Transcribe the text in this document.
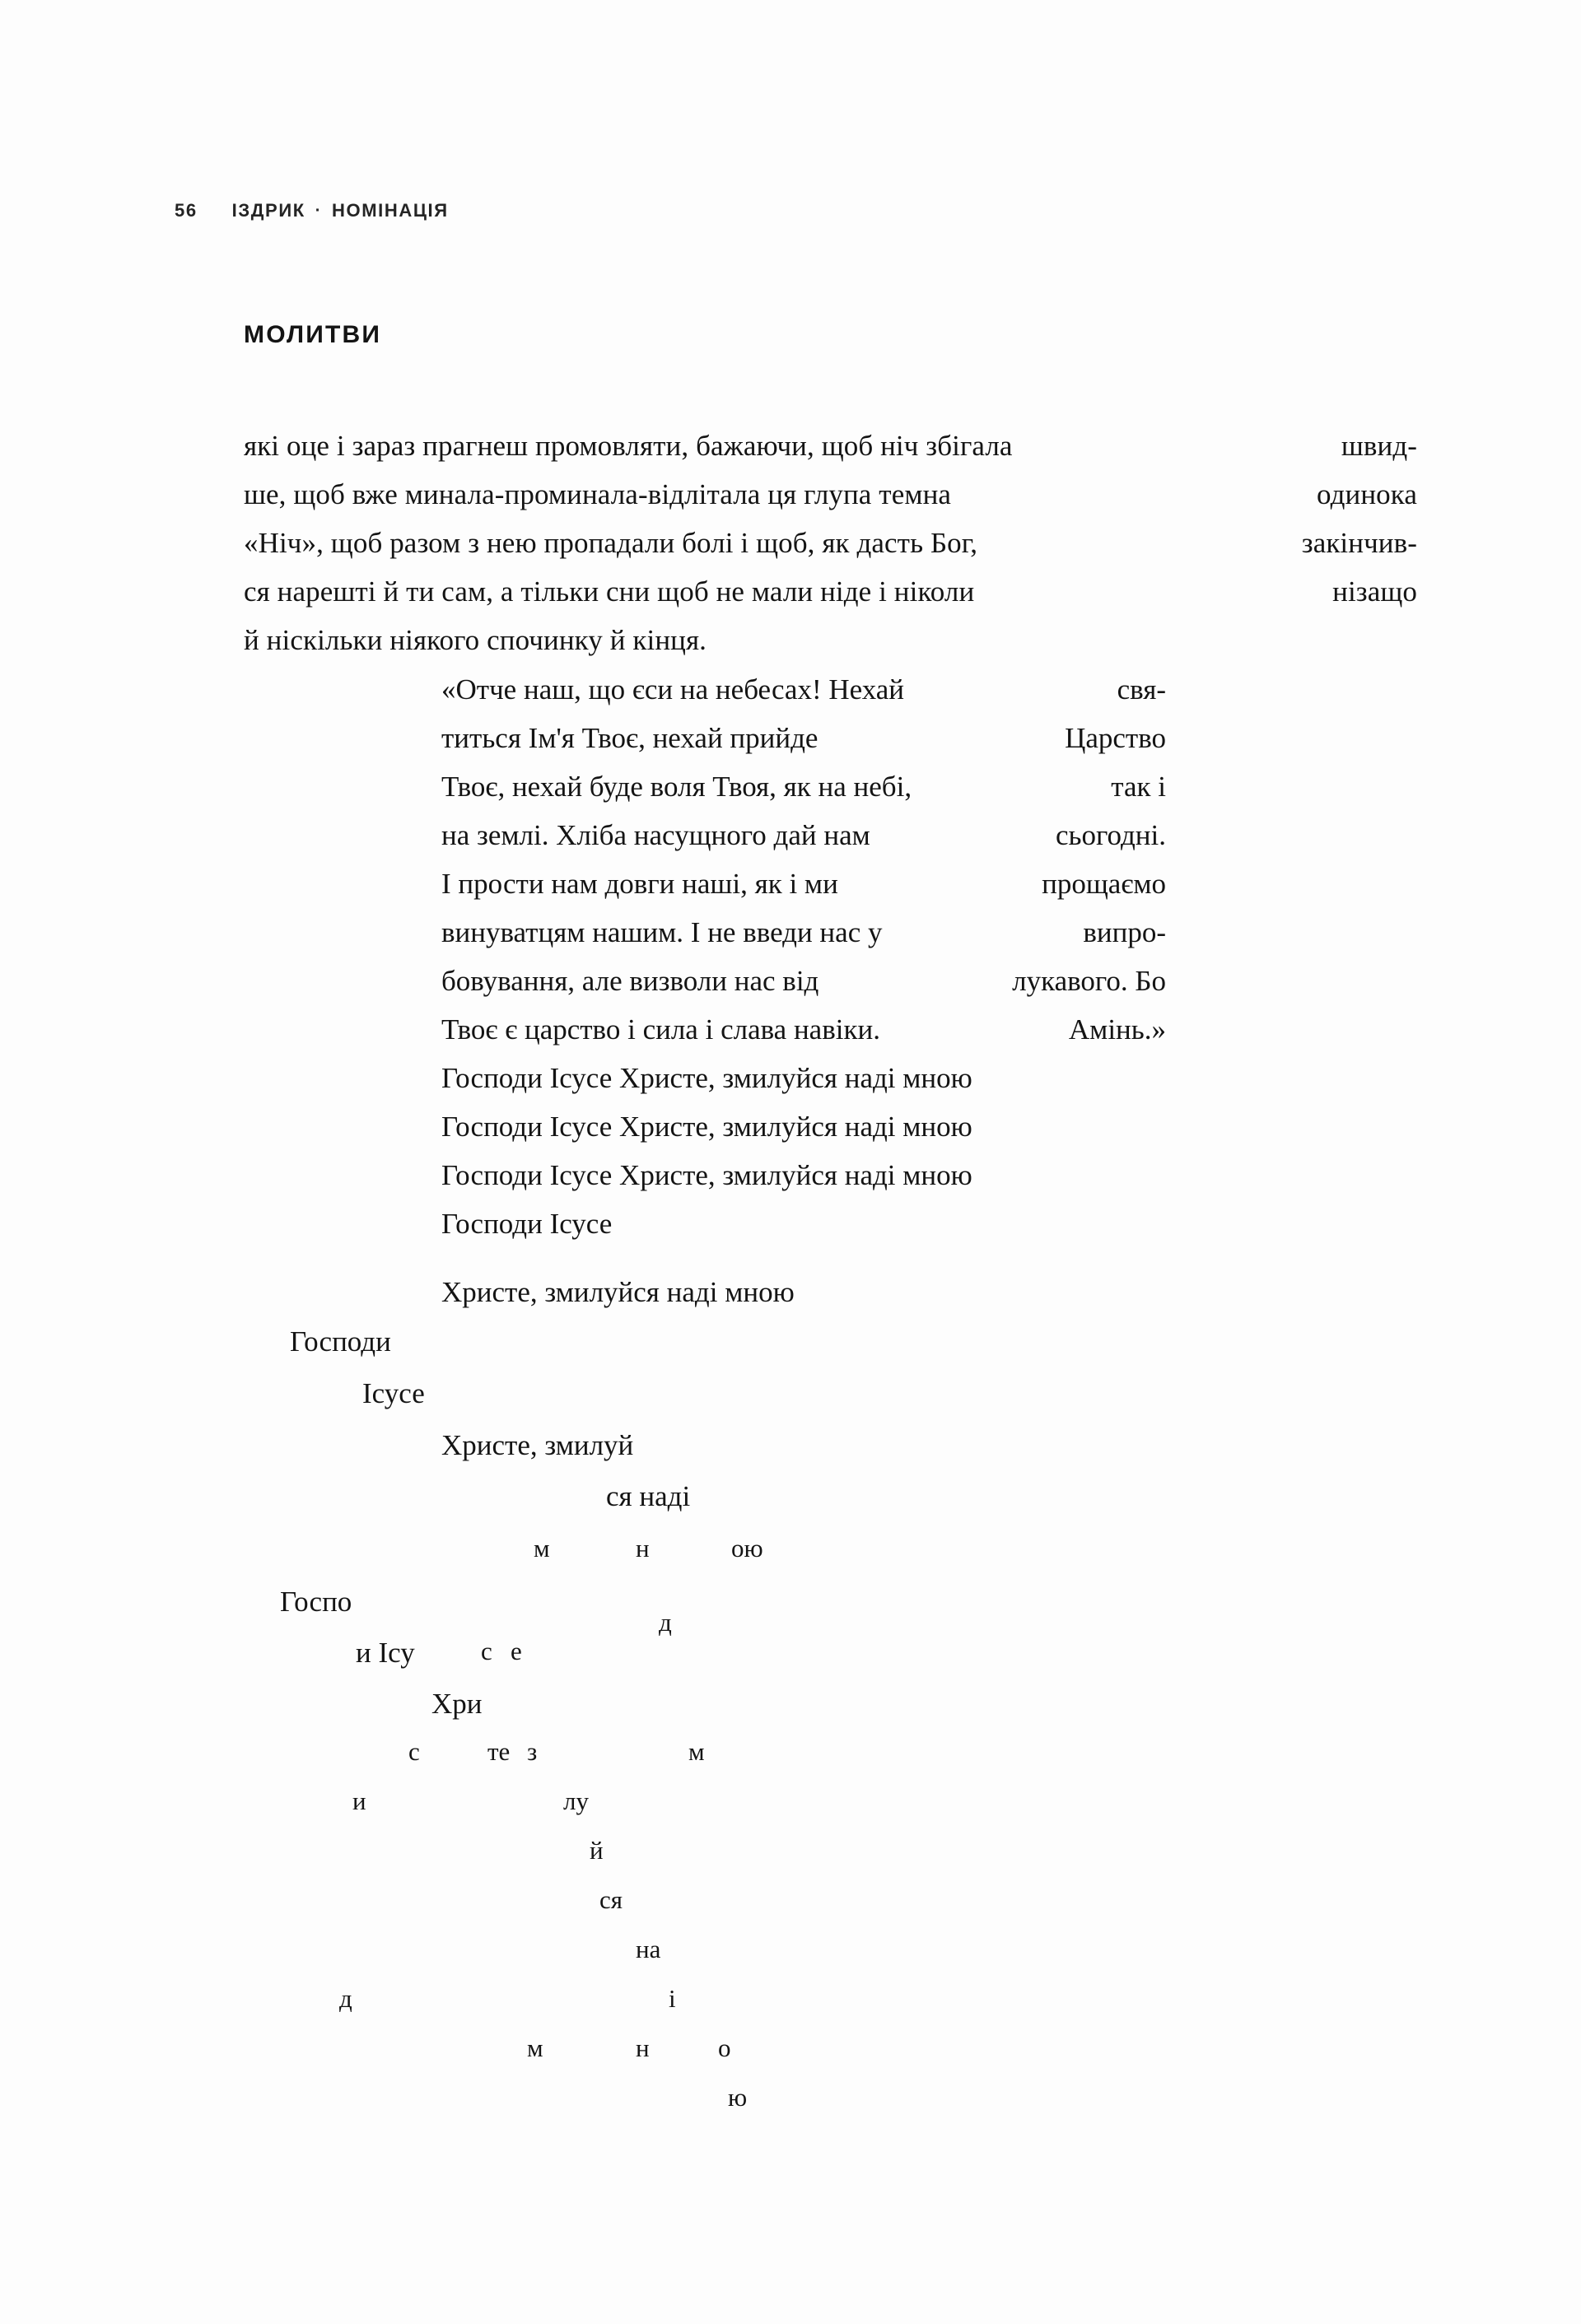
56 ІЗДРИК · НОМІНАЦІЯ
МОЛИТВИ
які оце і зараз прагнеш промовляти, бажаючи, щоб ніч збігала	швид-
ше, щоб вже минала-проминала-відлітала ця глупа темна	одинока
«Ніч», щоб разом з нею пропадали болі і щоб, як дасть Бог,	закінчив-
ся нарешті й ти сам, а тільки сни щоб не мали ніде і ніколи	нізащо
й ніскільки ніякого спочинку й кінця.
«Отче наш, що єси на небесах! Нехай	свя-
титься Ім'я Твоє, нехай прийде	Царство
Твоє, нехай буде воля Твоя, як на небі,	так і
на землі. Хліба насущного дай нам	сьогодні.
І прости нам довги наші, як і ми	прощаємо
винуватцям нашим. І не введи нас у	випро-
бовування, але визволи нас від	лукавого. Бо
Твоє є царство і сила і слава навіки.	Амінь.»
Господи Ісусе Христе, змилуйся наді мною
Господи Ісусе Христе, змилуйся наді мною
Господи Ісусе Христе, змилуйся наді мною
Господи Ісусе
Христе, змилуйся наді мною
Господи
Ісусе
Христе, змилуй
ся наді
м	н	ою
Госпо
д
и Ісу	с е
Хри
с	те з	м
и	лу
й
ся
на
д	і
м	н	о
ю
